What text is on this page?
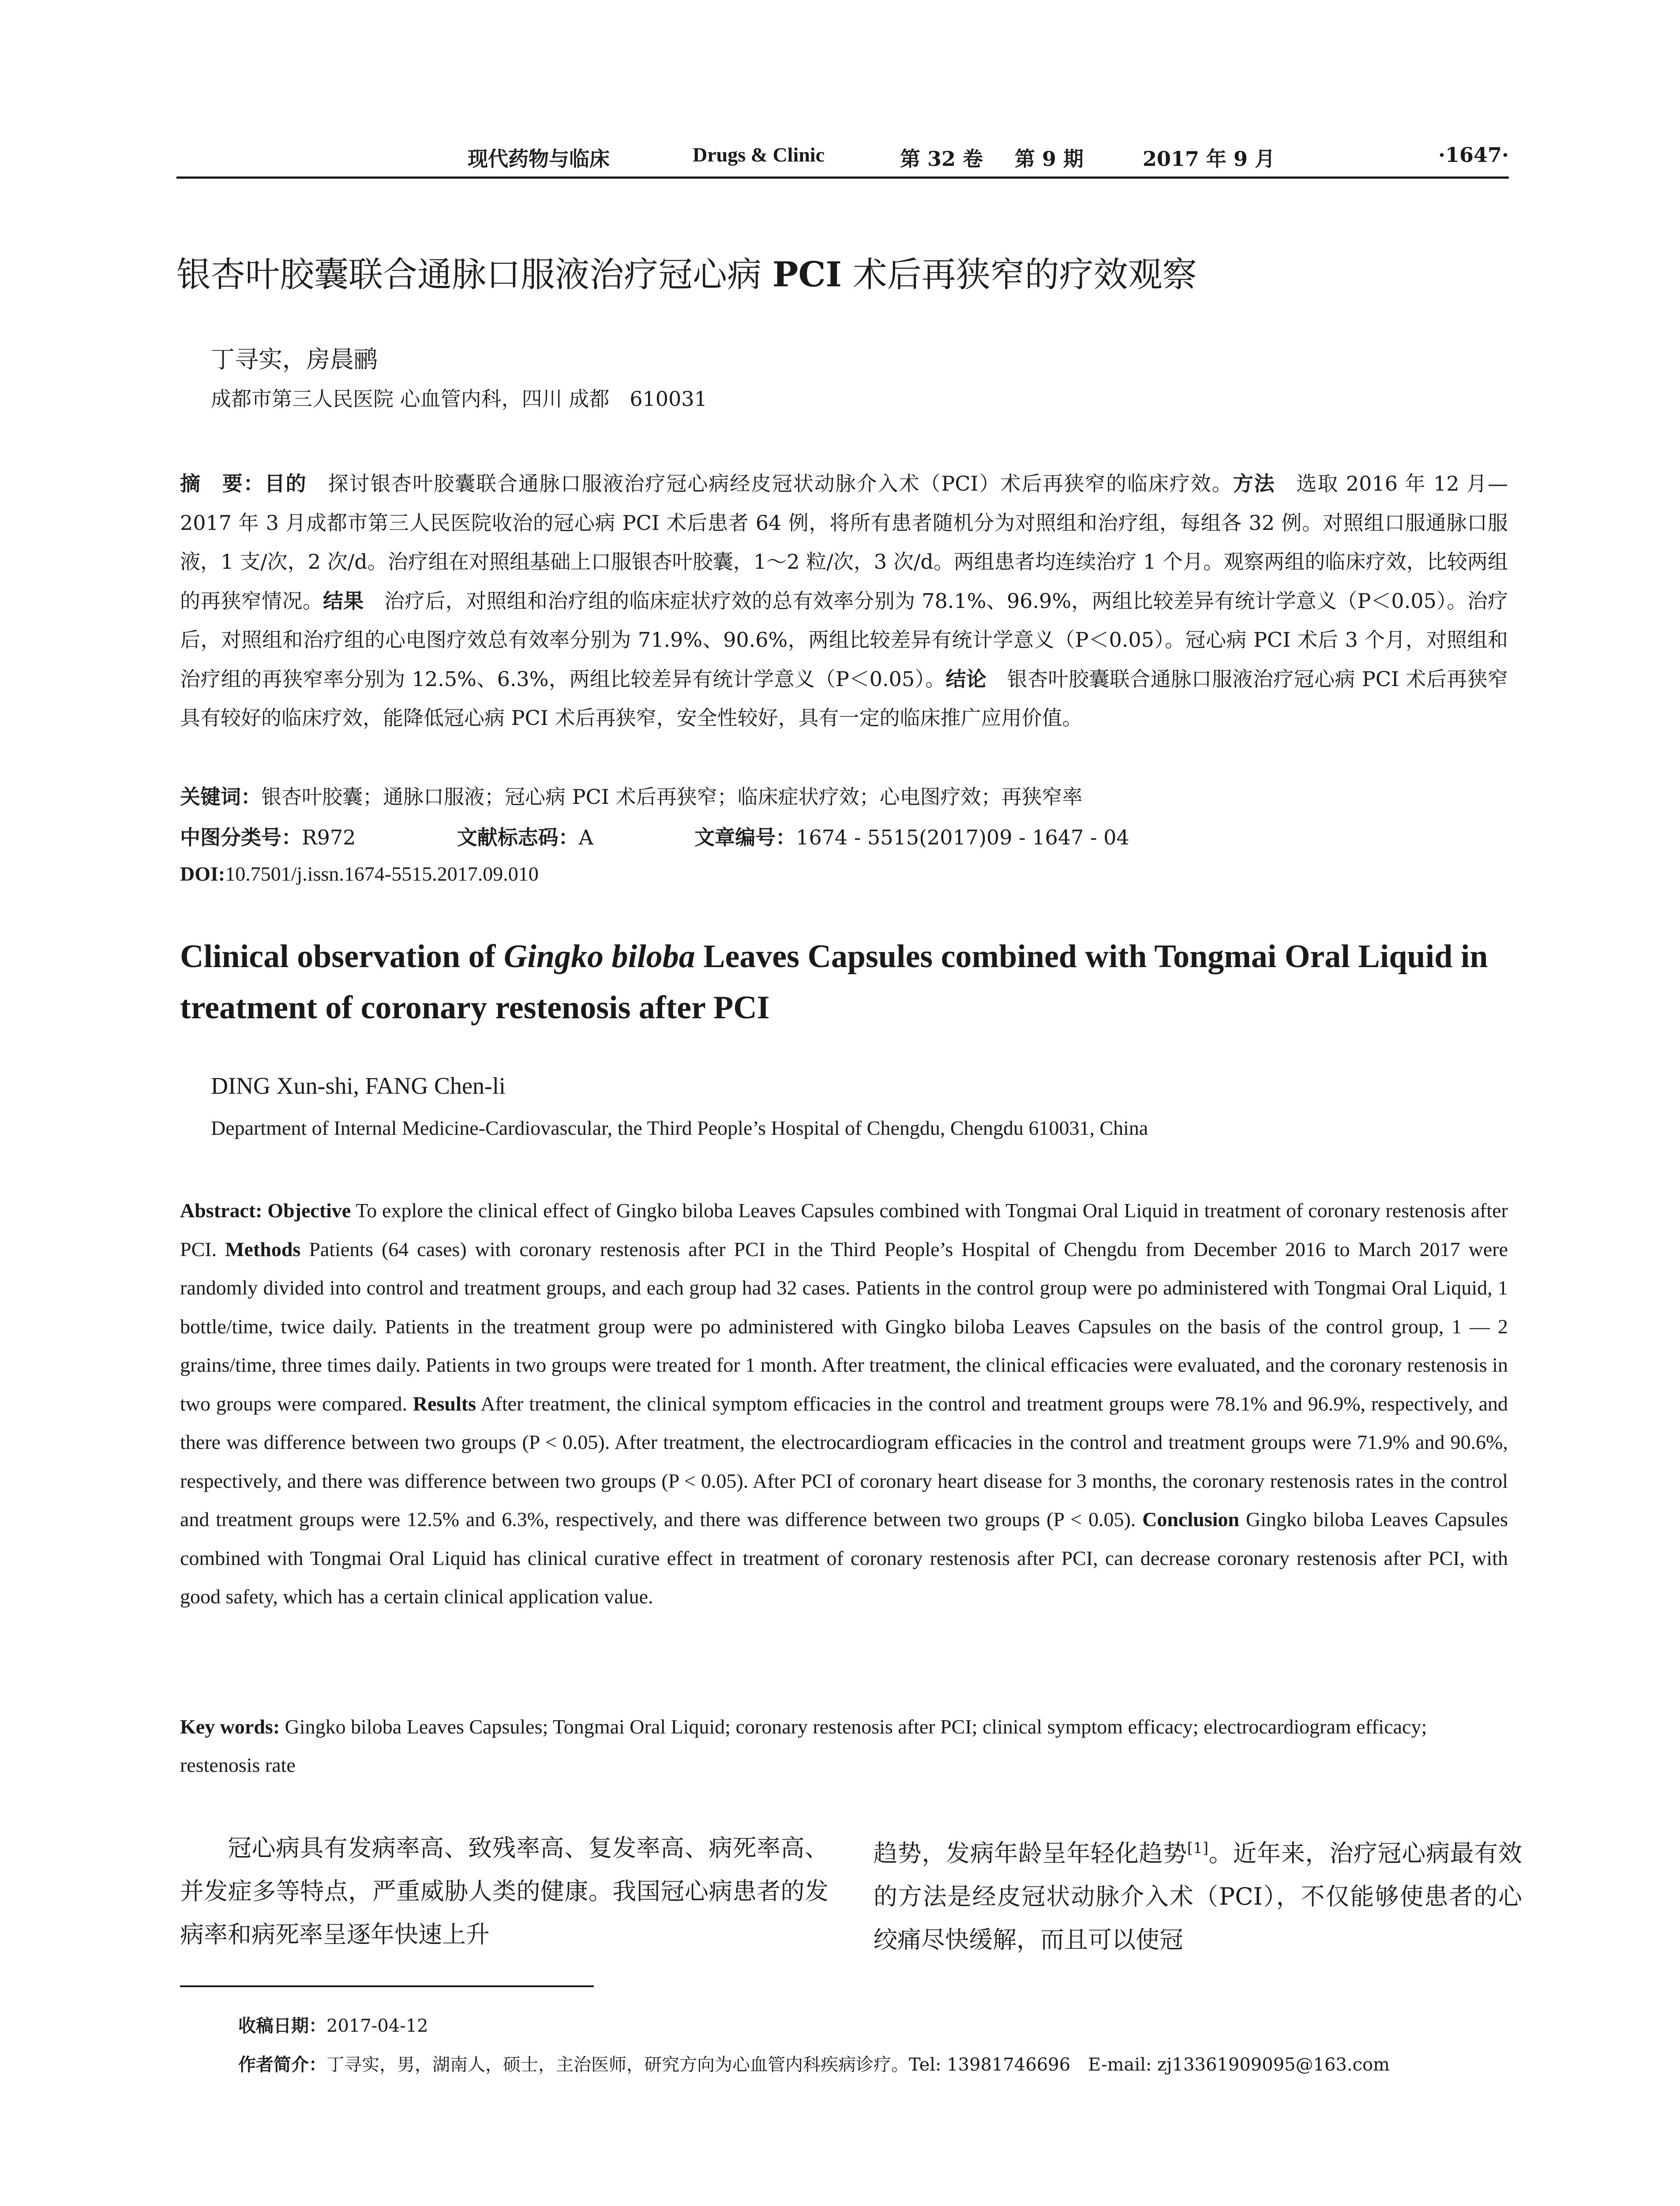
现代药物与临床	Drugs & Clinic	第 32 卷 第 9 期	2017 年 9 月	·1647·
银杏叶胶囊联合通脉口服液治疗冠心病 PCI 术后再狭窄的疗效观察
丁寻实，房晨鹂
成都市第三人民医院 心血管内科，四川 成都　610031
摘　要：目的　探讨银杏叶胶囊联合通脉口服液治疗冠心病经皮冠状动脉介入术（PCI）术后再狭窄的临床疗效。方法　选取 2016 年 12 月—2017 年 3 月成都市第三人民医院收治的冠心病 PCI 术后患者 64 例，将所有患者随机分为对照组和治疗组，每组各 32 例。对照组口服通脉口服液，1 支/次，2 次/d。治疗组在对照组基础上口服银杏叶胶囊，1～2 粒/次，3 次/d。两组患者均连续治疗 1 个月。观察两组的临床疗效，比较两组的再狭窄情况。结果　治疗后，对照组和治疗组的临床症状疗效的总有效率分别为 78.1%、96.9%，两组比较差异有统计学意义（P＜0.05）。治疗后，对照组和治疗组的心电图疗效总有效率分别为 71.9%、90.6%，两组比较差异有统计学意义（P＜0.05）。冠心病 PCI 术后 3 个月，对照组和治疗组的再狭窄率分别为 12.5%、6.3%，两组比较差异有统计学意义（P＜0.05）。结论　银杏叶胶囊联合通脉口服液治疗冠心病 PCI 术后再狭窄具有较好的临床疗效，能降低冠心病 PCI 术后再狭窄，安全性较好，具有一定的临床推广应用价值。
关键词：银杏叶胶囊；通脉口服液；冠心病 PCI 术后再狭窄；临床症状疗效；心电图疗效；再狭窄率
中图分类号：R972	文献标志码：A	文章编号：1674 - 5515(2017)09 - 1647 - 04
DOI:10.7501/j.issn.1674-5515.2017.09.010
Clinical observation of Gingko biloba Leaves Capsules combined with Tongmai Oral Liquid in treatment of coronary restenosis after PCI
DING Xun-shi, FANG Chen-li
Department of Internal Medicine-Cardiovascular, the Third People’s Hospital of Chengdu, Chengdu 610031, China
Abstract: Objective To explore the clinical effect of Gingko biloba Leaves Capsules combined with Tongmai Oral Liquid in treatment of coronary restenosis after PCI. Methods Patients (64 cases) with coronary restenosis after PCI in the Third People’s Hospital of Chengdu from December 2016 to March 2017 were randomly divided into control and treatment groups, and each group had 32 cases. Patients in the control group were po administered with Tongmai Oral Liquid, 1 bottle/time, twice daily. Patients in the treatment group were po administered with Gingko biloba Leaves Capsules on the basis of the control group, 1 — 2 grains/time, three times daily. Patients in two groups were treated for 1 month. After treatment, the clinical efficacies were evaluated, and the coronary restenosis in two groups were compared. Results After treatment, the clinical symptom efficacies in the control and treatment groups were 78.1% and 96.9%, respectively, and there was difference between two groups (P < 0.05). After treatment, the electrocardiogram efficacies in the control and treatment groups were 71.9% and 90.6%, respectively, and there was difference between two groups (P < 0.05). After PCI of coronary heart disease for 3 months, the coronary restenosis rates in the control and treatment groups were 12.5% and 6.3%, respectively, and there was difference between two groups (P < 0.05). Conclusion Gingko biloba Leaves Capsules combined with Tongmai Oral Liquid has clinical curative effect in treatment of coronary restenosis after PCI, can decrease coronary restenosis after PCI, with good safety, which has a certain clinical application value.
Key words: Gingko biloba Leaves Capsules; Tongmai Oral Liquid; coronary restenosis after PCI; clinical symptom efficacy; electrocardiogram efficacy; restenosis rate
冠心病具有发病率高、致残率高、复发率高、病死率高、并发症多等特点，严重威胁人类的健康。我国冠心病患者的发病率和病死率呈逐年快速上升
趋势，发病年龄呈年轻化趋势[1]。近年来，治疗冠心病最有效的方法是经皮冠状动脉介入术（PCI），不仅能够使患者的心绞痛尽快缓解，而且可以使冠
收稿日期：2017-04-12
作者简介：丁寻实，男，湖南人，硕士，主治医师，研究方向为心血管内科疾病诊疗。Tel: 13981746696　E-mail: zj13361909095@163.com
